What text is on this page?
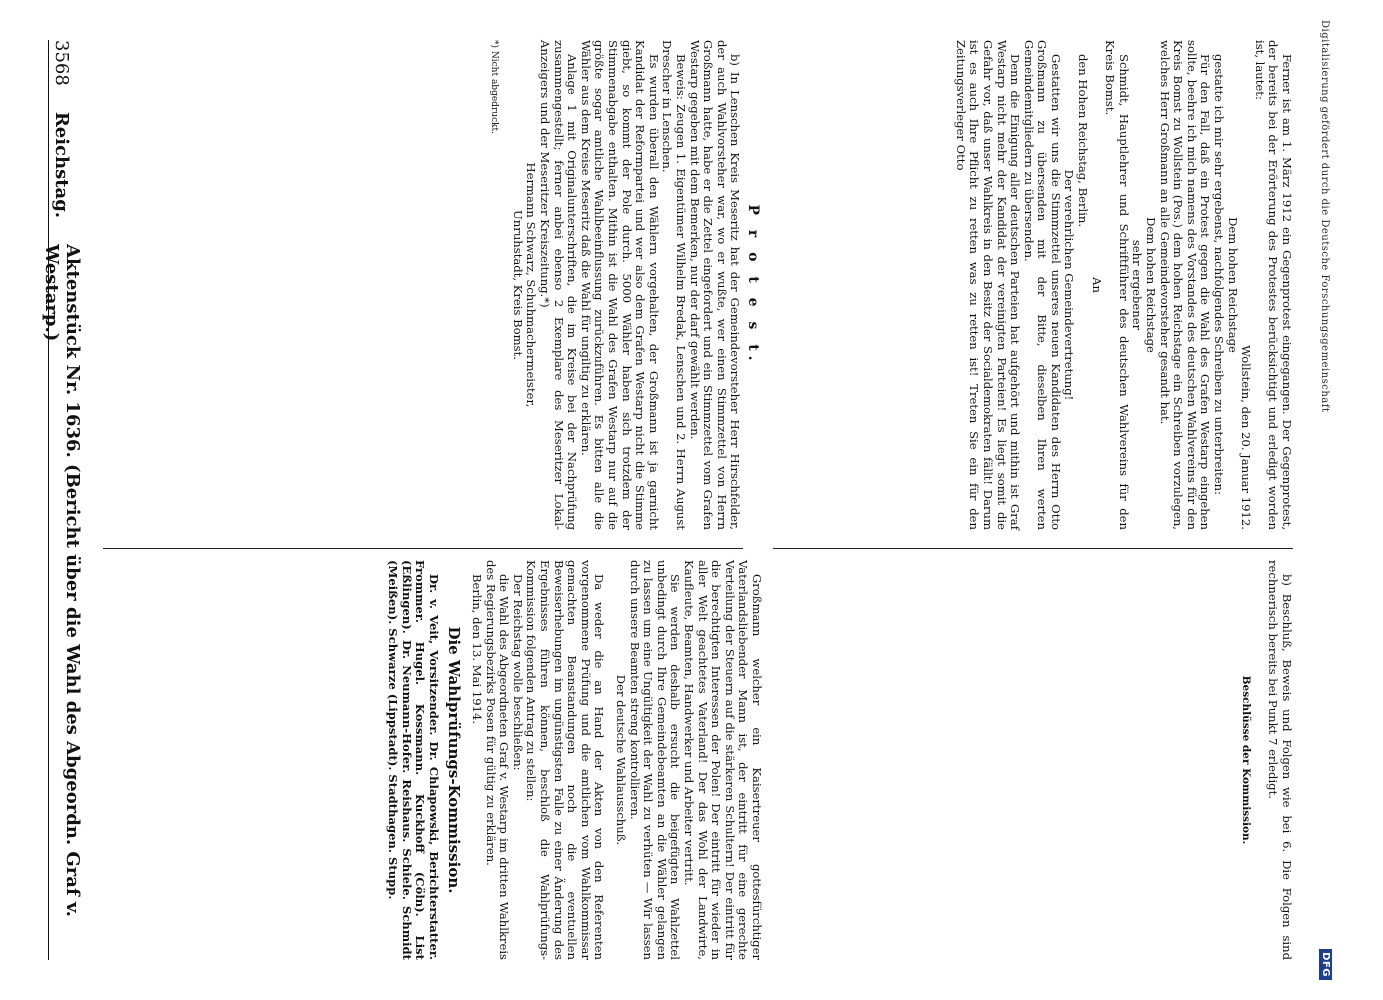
Digitalisierung gefördert durch die Deutsche Forschungsgemeinschaft
DFG

b) Beschluß, Beweis und Folgen wie bei 6. Die Folgen sind rechnerisch bereits bei Punkt 7 erledigt.

Beschlüsse der Kommission.

Großmann welcher ein Kaisertreuer gottesfürchtiger Vaterlandsliebender Mann ist, der eintritt für eine gerechte Verteilung der Steuern auf die stärkeren Schultern! Der eintritt für die berechtigten Interessen der Polen! Der eintritt für wieder in aller Welt geachtetes Vaterland! Der das Wohl der Landwirte, Kaufleute, Beamten, Handwerker und Arbeiter vertritt.

Sie werden deshalb ersucht die beigefügten Wahlzettel unbedingt durch Ihre Gemeindebeamten an die Wähler gelangen zu lassen um eine Ungültigkeit der Wahl zu verhüten — Wir lassen durch unsere Beamten streng kontrollieren.

Der deutsche Wahlausschuß.

Da weder die an Hand der Akten von den Referenten vorgenommene Prüfung und die amtlichen vom Wahlkommissar gemachten Beanstandungen noch die eventuellen Beweiserhebungen im ungünstigsten Falle zu einer Änderung des Ergebnisses führen können, beschloß die Wahlprüfungs-Kommission folgenden Antrag zu stellen:

Der Reichstag wolle beschließen:

die Wahl des Abgeordneten Graf v. Westarp im dritten Wahlkreis des Regierungsbezirks Posen für gültig zu erklären.

Berlin, den 13. Mai 1914.

Die Wahlprüfungs-Kommission.

Dr. v. Veit, Vorsitzender. Dr. Chlapowski, Berichterstatter. Frommer. Hugel. Kossmann. Kuckhoff (Cöln). List (Eßlingen). Dr. Neumann-Hofer. Reishaus. Schiele. Schmidt (Meißen). Schwarze (Lippstadt). Stadthagen. Stupp.

P r o t e s t.

b) In Lenschen Kreis Meseritz hat der Gemeindevorsteher Herr Hirschfelder, der auch Wahlvorsteher war, wo er wußte, wer einen Stimmzettel von Herrn Großmann hatte, habe er die Zettel eingefordert und ein Stimmzettel vom Grafen Westarp gegeben mit dem Bemerken, nur der darf gewählt werden.

Beweis: Zeugen 1. Eigentümer Wilhelm Bredak, Lenschen und 2. Herrn August Drescher in Lenschen.

Es wurden überall den Wählern vorgehalten, der Großmann ist ja garnicht Kandidat der Reformpartei und wer also dem Grafen Westarp nicht die Stimme giebt, so kommt der Pole durch. 5000 Wähler haben sich trotzdem der Stimmenabgabe enthalten. Mithin ist die Wahl des Grafen Westarp nur auf die größte sogar amtliche Wahlbeeinflussung zurückzuführen. Es bitten alle die Wähler aus dem Kreise Meseritz daß die Wahl für ungiltig zu erklären.

Anlage 1 mit Originalunterschriften, die im Kreise bei der Nachprüfung zusammengestellt; ferner anbei ebenso 2 Exemplare des Meseritzer Lokal-Anzeigers und der Meseritzer Kreiszeitung.*)

Hermann Schwarz, Schuhmachermeister,

Unruhstadt, Kreis Bomst.

*) Nicht abgedruckt.	Ferner ist am 1. März 1912 ein Gegenprotest eingegangen. Der Gegenprotest, der bereits bei der Erörterung des Protestes berücksichtigt und erledigt worden ist, lautet:

Wollstein, den 20. Januar 1912.

Dem hohen Reichstage

gestatte ich mir sehr ergebenst, nachfolgendes Schreiben zu unterbreiten:

Für den Fall, daß ein Protest gegen die Wahl des Grafen Westarp eingehen sollte, beehre ich mich namens des Vorstandes des deutschen Wahlvereins für den Kreis Bomst zu Wollstein (Pos.) dem hohen Reichstage ein Schreiben vorzulegen, welches Herr Großmann an alle Gemeindevorsteher gesandt hat.

Dem hohen Reichstage

sehr ergebener

Schmidt, Hauptlehrer und Schriftführer des deutschen Wahlvereins für den Kreis Bomst.

An

den Hohen Reichstag, Berlin.

Der verehrlichen Gemeindevertretung!

Gestatten wir uns die Stimmzettel unseres neuen Kandidaten des Herrn Otto Großmann zu übersenden mit der Bitte, dieselben Ihren werten Gemeindemitgliedern zu übersenden.

Denn die Einigung aller deutschen Parteien hat aufgehört und mithin ist Graf Westarp nicht mehr der Kandidat der vereinigten Parteien! Es liegt somit die Gefahr vor, daß unser Wahlkreis in den Besitz der Socialdemokraten fällt! Darum ist es auch Ihre Pflicht zu retten was zu retten ist! Treten Sie ein für den Zeitungsverleger Otto

3568
Reichstag.
Aktenstück Nr. 1636. (Bericht über die Wahl des Abgeordn. Graf v. Westarp.)
